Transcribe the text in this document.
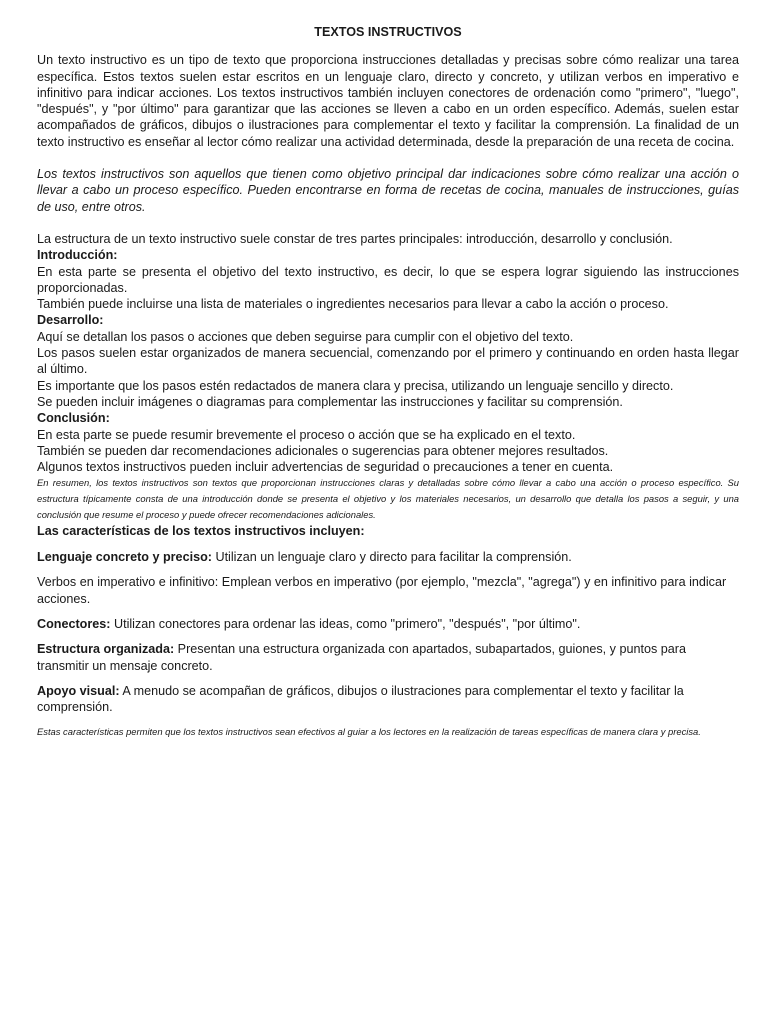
TEXTOS INSTRUCTIVOS

Un texto instructivo es un tipo de texto que proporciona instrucciones detalladas y precisas sobre cómo realizar una tarea específica. Estos textos suelen estar escritos en un lenguaje claro, directo y concreto, y utilizan verbos en imperativo e infinitivo para indicar acciones. Los textos instructivos también incluyen conectores de ordenación como "primero", "luego", "después", y "por último" para garantizar que las acciones se lleven a cabo en un orden específico. Además, suelen estar acompañados de gráficos, dibujos o ilustraciones para complementar el texto y facilitar la comprensión. La finalidad de un texto instructivo es enseñar al lector cómo realizar una actividad determinada, desde la preparación de una receta de cocina.

Los textos instructivos son aquellos que tienen como objetivo principal dar indicaciones sobre cómo realizar una acción o llevar a cabo un proceso específico. Pueden encontrarse en forma de recetas de cocina, manuales de instrucciones, guías de uso, entre otros.

La estructura de un texto instructivo suele constar de tres partes principales: introducción, desarrollo y conclusión.

Introducción:

En esta parte se presenta el objetivo del texto instructivo, es decir, lo que se espera lograr siguiendo las instrucciones proporcionadas.

También puede incluirse una lista de materiales o ingredientes necesarios para llevar a cabo la acción o proceso.

Desarrollo:

Aquí se detallan los pasos o acciones que deben seguirse para cumplir con el objetivo del texto.

Los pasos suelen estar organizados de manera secuencial, comenzando por el primero y continuando en orden hasta llegar al último.

Es importante que los pasos estén redactados de manera clara y precisa, utilizando un lenguaje sencillo y directo.

Se pueden incluir imágenes o diagramas para complementar las instrucciones y facilitar su comprensión.

Conclusión:

En esta parte se puede resumir brevemente el proceso o acción que se ha explicado en el texto.

También se pueden dar recomendaciones adicionales o sugerencias para obtener mejores resultados.

Algunos textos instructivos pueden incluir advertencias de seguridad o precauciones a tener en cuenta.

En resumen, los textos instructivos son textos que proporcionan instrucciones claras y detalladas sobre cómo llevar a cabo una acción o proceso específico. Su estructura típicamente consta de una introducción donde se presenta el objetivo y los materiales necesarios, un desarrollo que detalla los pasos a seguir, y una conclusión que resume el proceso y puede ofrecer recomendaciones adicionales.

Las características de los textos instructivos incluyen:

Lenguaje concreto y preciso: Utilizan un lenguaje claro y directo para facilitar la comprensión.

Verbos en imperativo e infinitivo: Emplean verbos en imperativo (por ejemplo, "mezcla", "agrega") y en infinitivo para indicar acciones.

Conectores: Utilizan conectores para ordenar las ideas, como "primero", "después", "por último".

Estructura organizada: Presentan una estructura organizada con apartados, subapartados, guiones, y puntos para transmitir un mensaje concreto.

Apoyo visual: A menudo se acompañan de gráficos, dibujos o ilustraciones para complementar el texto y facilitar la comprensión.

Estas características permiten que los textos instructivos sean efectivos al guiar a los lectores en la realización de tareas específicas de manera clara y precisa.
